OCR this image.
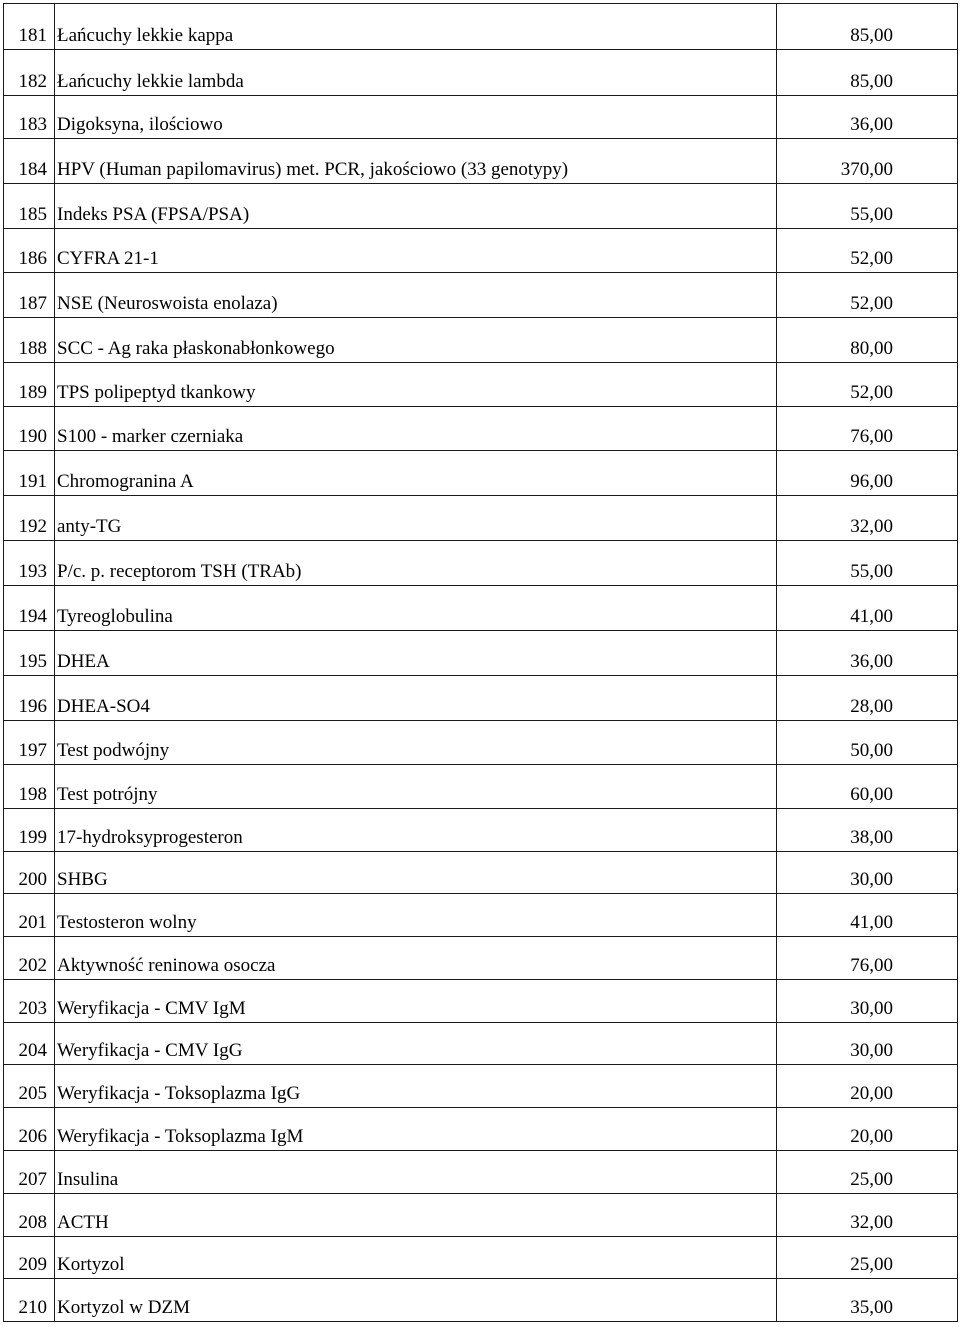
181	Łańcuchy lekkie kappa	85,00
182	Łańcuchy lekkie lambda	85,00
183	Digoksyna, ilościowo	36,00
184	HPV (Human papilomavirus) met. PCR, jakościowo (33 genotypy)	370,00
185	Indeks PSA (FPSA/PSA)	55,00
186	CYFRA 21-1	52,00
187	NSE (Neuroswoista enolaza)	52,00
188	SCC - Ag raka płaskonabłonkowego	80,00
189	TPS polipeptyd tkankowy	52,00
190	S100 - marker czerniaka	76,00
191	Chromogranina A	96,00
192	anty-TG	32,00
193	P/c. p. receptorom TSH (TRAb)	55,00
194	Tyreoglobulina	41,00
195	DHEA	36,00
196	DHEA-SO4	28,00
197	Test podwójny	50,00
198	Test potrójny	60,00
199	17-hydroksyprogesteron	38,00
200	SHBG	30,00
201	Testosteron wolny	41,00
202	Aktywność reninowa osocza	76,00
203	Weryfikacja - CMV IgM	30,00
204	Weryfikacja - CMV IgG	30,00
205	Weryfikacja - Toksoplazma IgG	20,00
206	Weryfikacja - Toksoplazma IgM	20,00
207	Insulina	25,00
208	ACTH	32,00
209	Kortyzol	25,00
210	Kortyzol w DZM	35,00
